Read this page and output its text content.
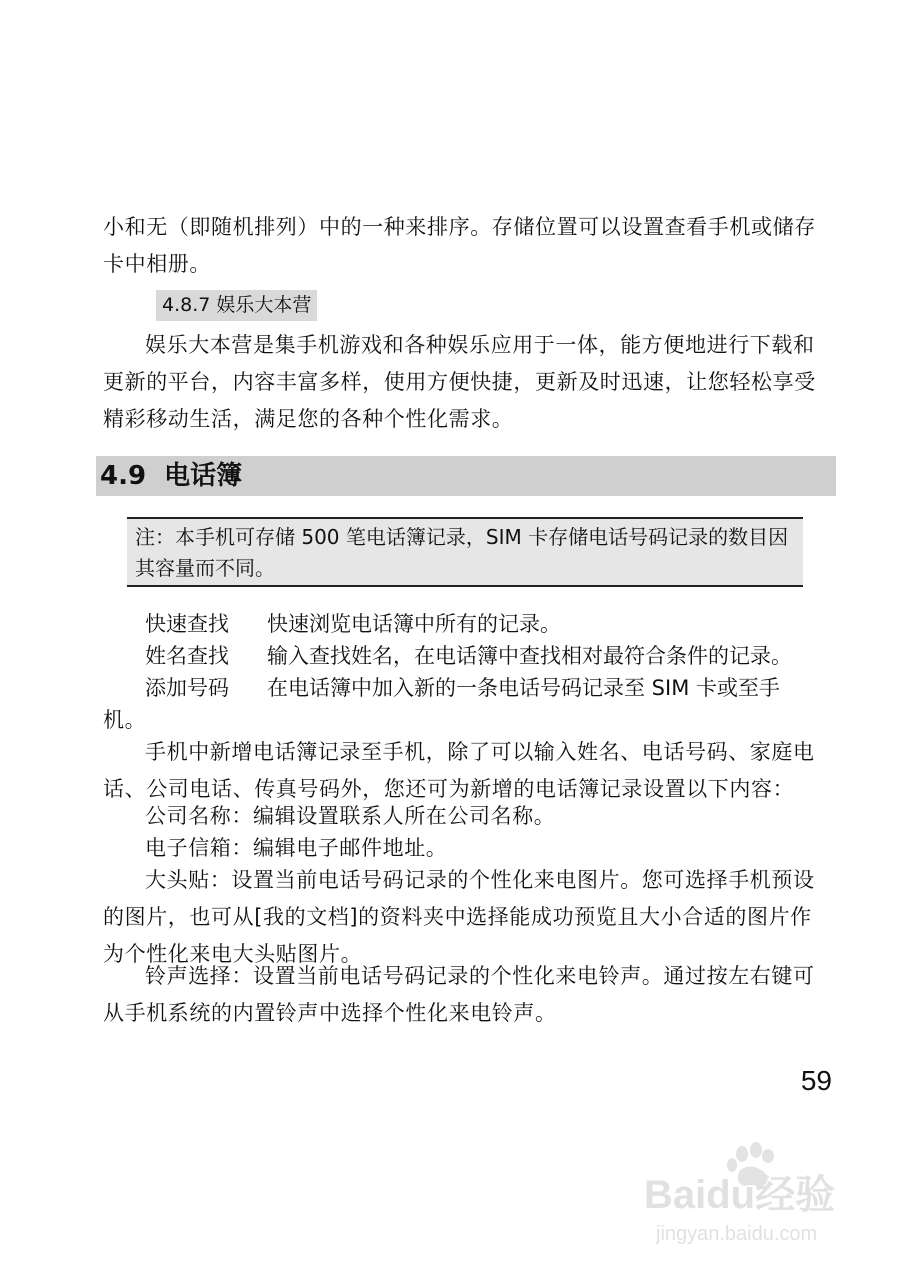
小和无（即随机排列）中的一种来排序。存储位置可以设置查看手机或储存卡中相册。

4.8.7 娱乐大本营

娱乐大本营是集手机游戏和各种娱乐应用于一体，能方便地进行下载和更新的平台，内容丰富多样，使用方便快捷，更新及时迅速，让您轻松享受精彩移动生活，满足您的各种个性化需求。

4.9 电话簿

注：本手机可存储 500 笔电话簿记录，SIM 卡存储电话号码记录的数目因其容量而不同。

快速查找 快速浏览电话簿中所有的记录。
姓名查找 输入查找姓名，在电话簿中查找相对最符合条件的记录。
添加号码 在电话簿中加入新的一条电话号码记录至 SIM 卡或至手

机。

手机中新增电话簿记录至手机，除了可以输入姓名、电话号码、家庭电话、公司电话、传真号码外，您还可为新增的电话簿记录设置以下内容：

公司名称：编辑设置联系人所在公司名称。

电子信箱：编辑电子邮件地址。

大头贴：设置当前电话号码记录的个性化来电图片。您可选择手机预设的图片，也可从[我的文档]的资料夹中选择能成功预览且大小合适的图片作为个性化来电大头贴图片。

铃声选择：设置当前电话号码记录的个性化来电铃声。通过按左右键可从手机系统的内置铃声中选择个性化来电铃声。

59
Baidu经验
jingyan.baidu.com
